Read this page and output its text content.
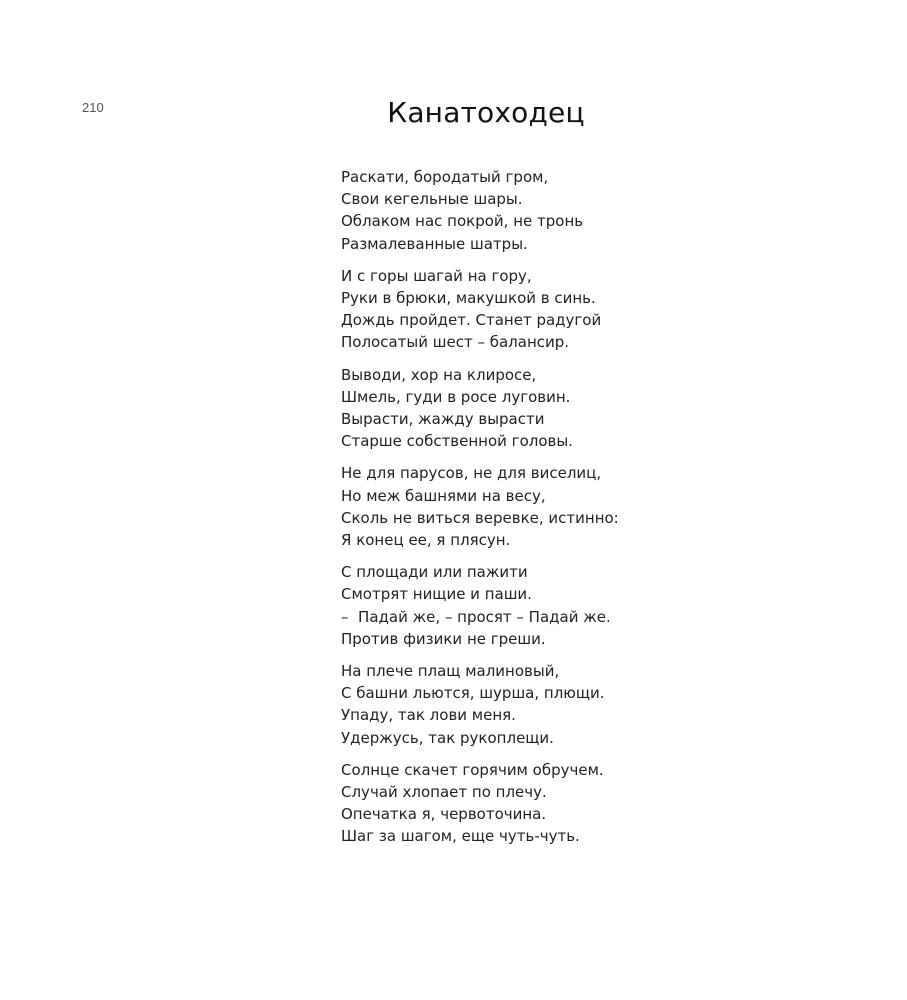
210	Канатоходец
Раскати, бородатый гром,
Свои кегельные шары.
Облаком нас покрой, не тронь
Размалеванные шатры.
И с горы шагай на гору,
Руки в брюки, макушкой в синь.
Дождь пройдет. Станет радугой
Полосатый шест – балансир.
Выводи, хор на клиросе,
Шмель, гуди в росе луговин.
Вырасти, жажду вырасти
Старше собственной головы.
Не для парусов, не для виселиц,
Но меж башнями на весу,
Сколь не виться веревке, истинно:
Я конец ее, я плясун.
С площади или пажити
Смотрят нищие и паши.
–  Падай же, – просят – Падай же.
Против физики не греши.
На плече плащ малиновый,
С башни льются, шурша, плющи.
Упаду, так лови меня.
Удержусь, так рукоплещи.
Солнце скачет горячим обручем.
Случай хлопает по плечу.
Опечатка я, червоточина.
Шаг за шагом, еще чуть-чуть.
